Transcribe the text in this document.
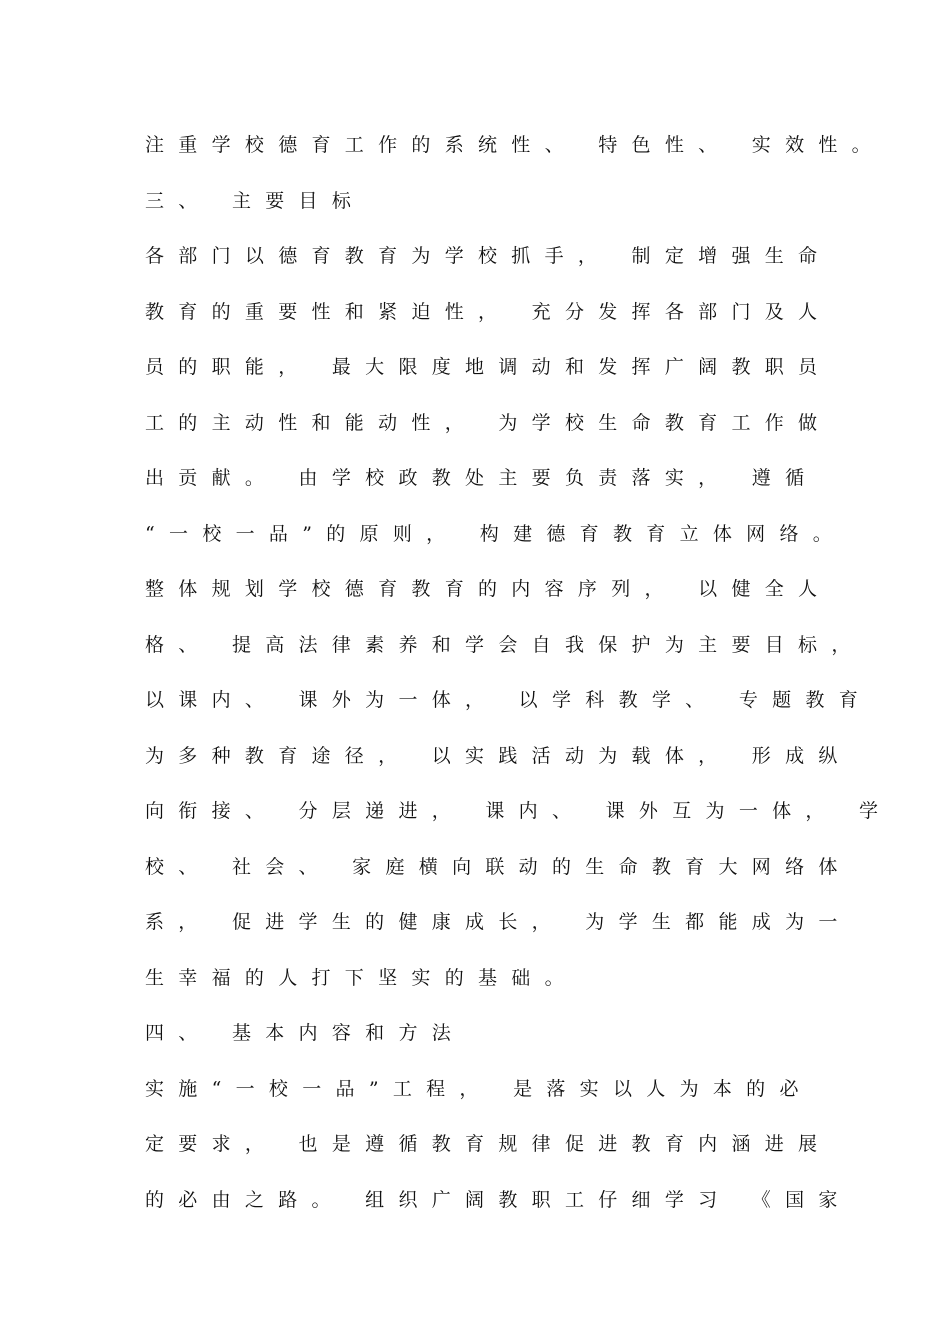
注重学校德育工作的系统性、 特色性、 实效性。
三、 主要目标
各部门以德育教育为学校抓手， 制定增强生命
教育的重要性和紧迫性， 充分发挥各部门及人
员的职能， 最大限度地调动和发挥广阔教职员
工的主动性和能动性， 为学校生命教育工作做
出贡献。 由学校政教处主要负责落实， 遵循
“一校一品”的原则， 构建德育教育立体网络。
整体规划学校德育教育的内容序列， 以健全人
格、 提高法律素养和学会自我保护为主要目标，
以课内、 课外为一体， 以学科教学、 专题教育
为多种教育途径， 以实践活动为载体， 形成纵
向衔接、 分层递进， 课内、 课外互为一体， 学
校、 社会、 家庭横向联动的生命教育大网络体
系， 促进学生的健康成长， 为学生都能成为一
生幸福的人打下坚实的基础。
四、 基本内容和方法
实施“一校一品”工程， 是落实以人为本的必
定要求， 也是遵循教育规律促进教育内涵进展
的必由之路。 组织广阔教职工仔细学习 《国家
